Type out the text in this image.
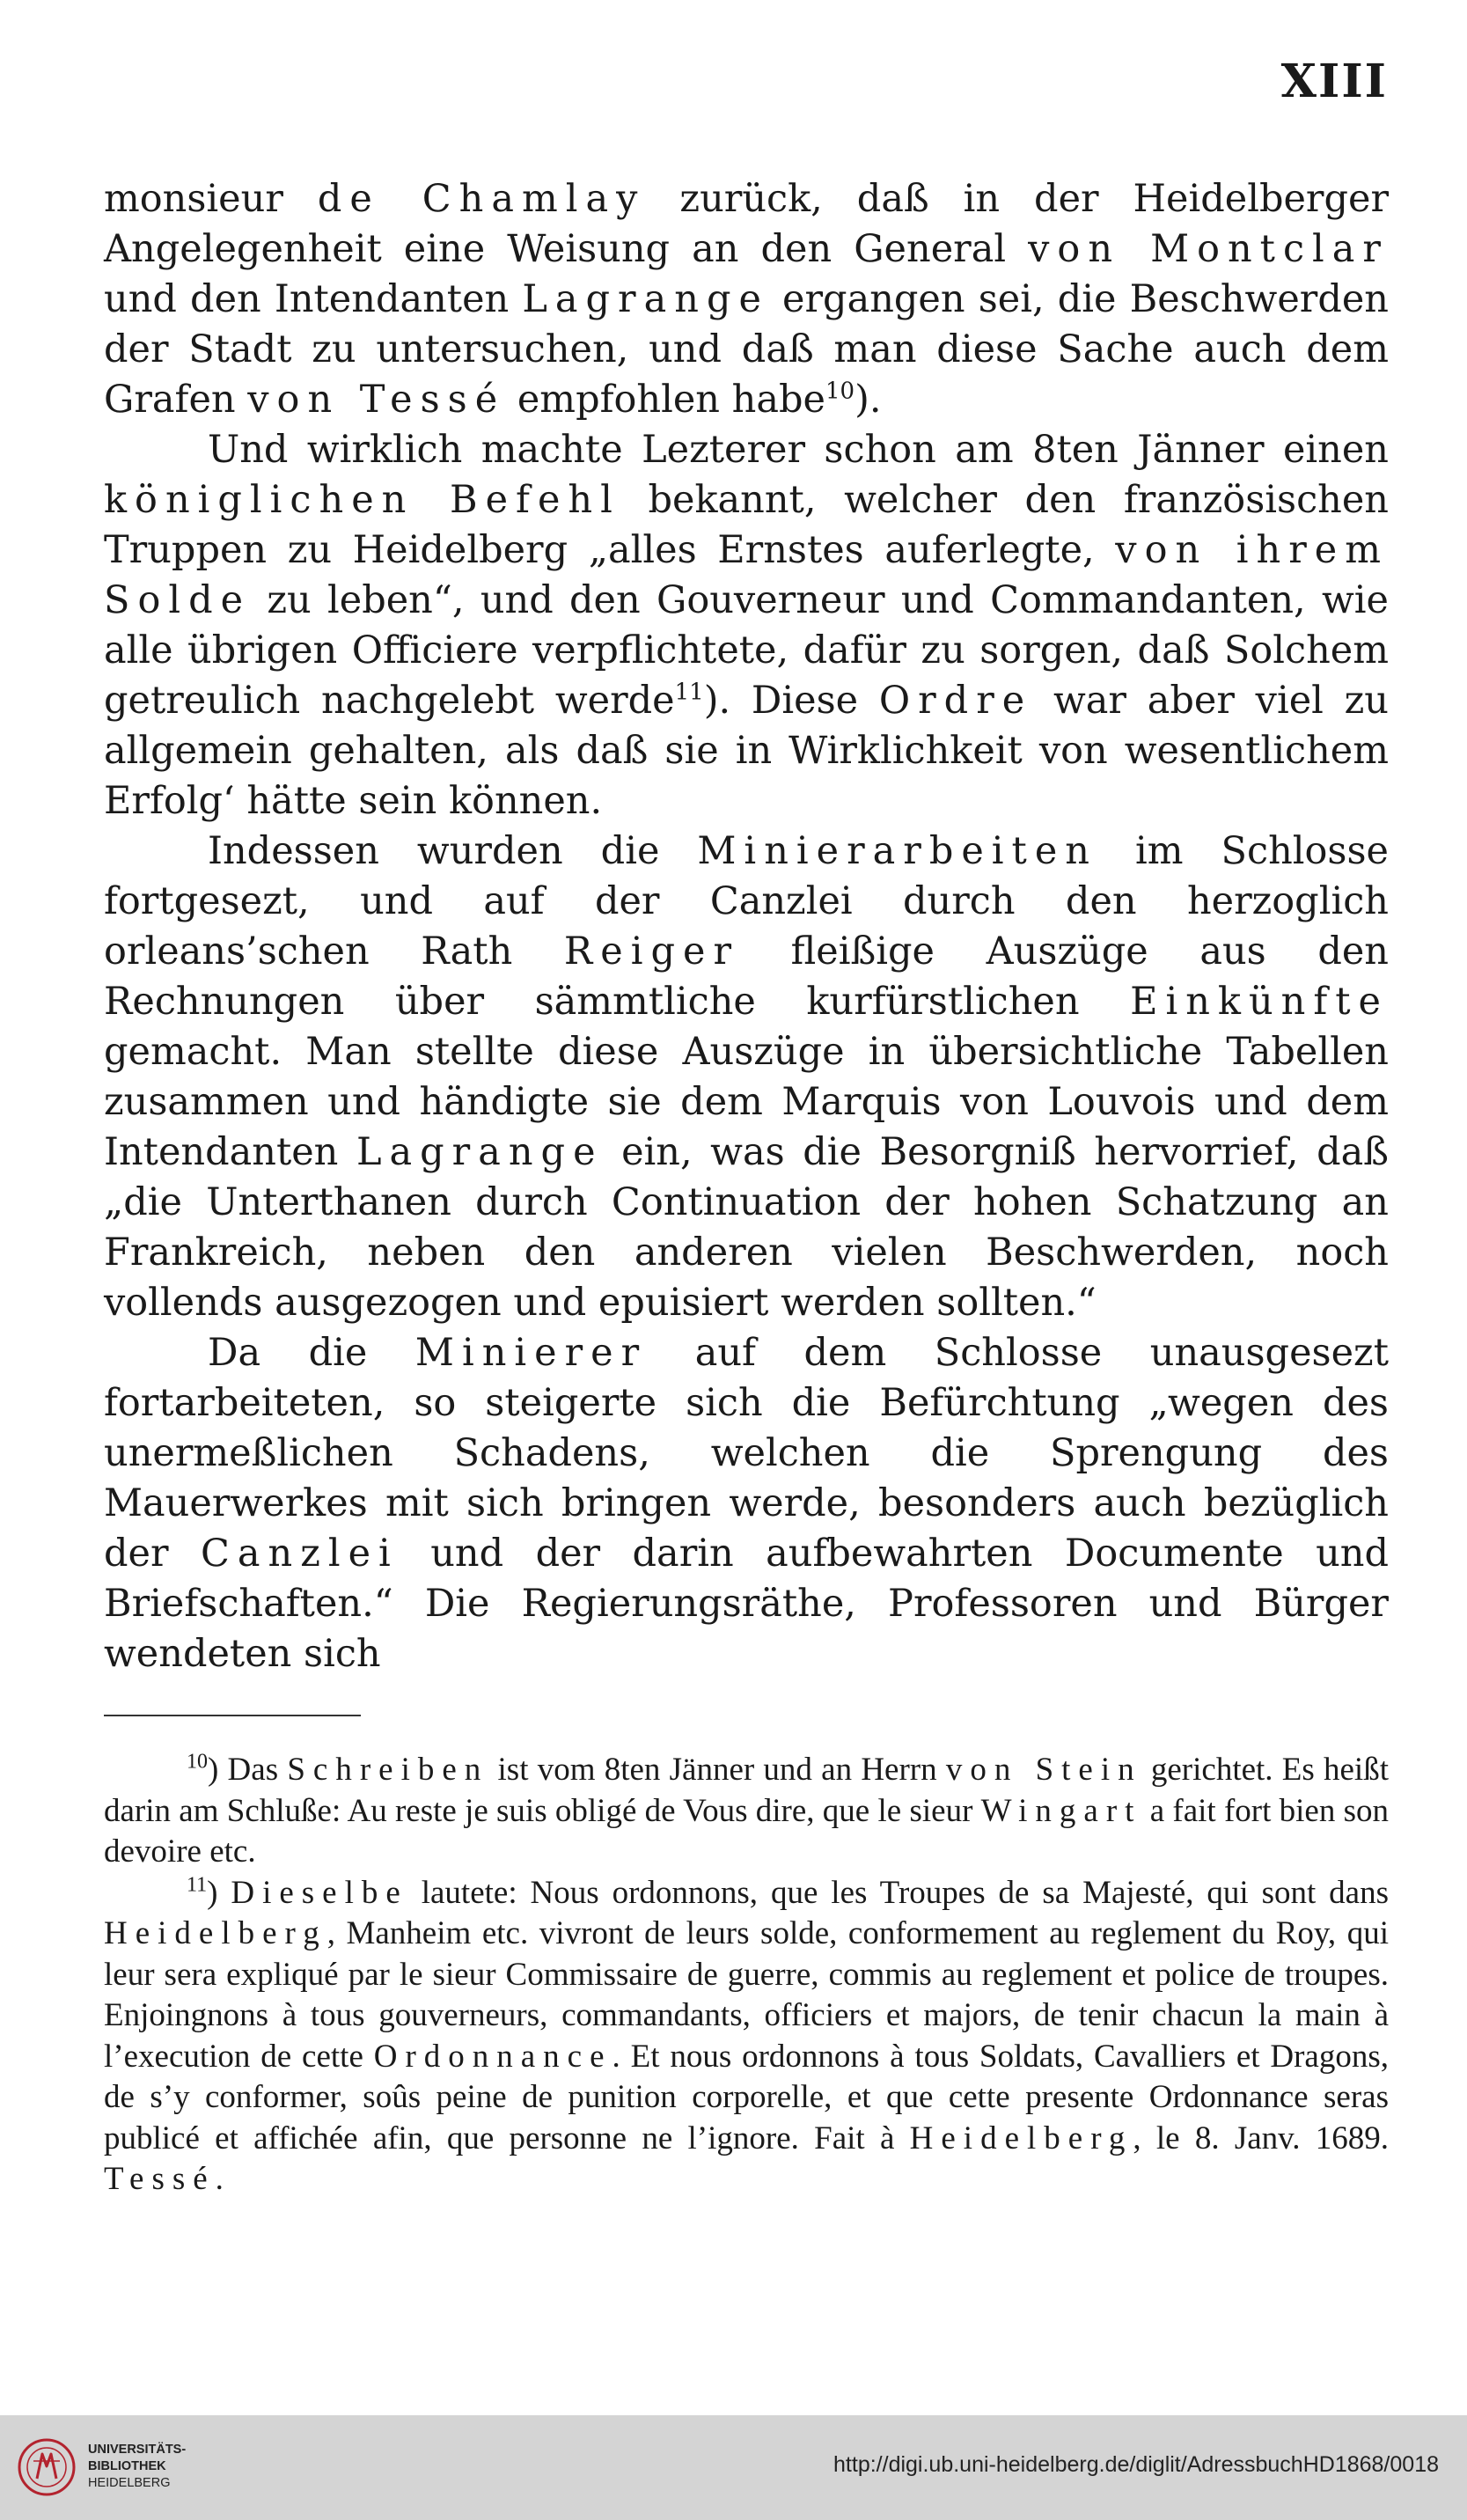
XIII

monsieur de Chamlay zurück, daß in der Heidelberger Angelegenheit eine Weisung an den General von Montclar und den Intendanten Lagrange ergangen sei, die Beschwerden der Stadt zu untersuchen, und daß man diese Sache auch dem Grafen von Tessé empfohlen habe$^{10}$).

Und wirklich machte Lezterer schon am 8ten Jänner einen königlichen Befehl bekannt, welcher den französischen Truppen zu Heidelberg „alles Ernstes auferlegte, von ihrem Solde zu leben“, und den Gouverneur und Commandanten, wie alle übrigen Officiere verpflichtete, dafür zu sorgen, daß Solchem getreulich nachgelebt werde$^{11}$). Diese Ordre war aber viel zu allgemein gehalten, als daß sie in Wirklichkeit von wesentlichem Erfolg‘ hätte sein können.

Indessen wurden die Minierarbeiten im Schlosse fortgesezt, und auf der Canzlei durch den herzoglich orleans’schen Rath Reiger fleißige Auszüge aus den Rechnungen über sämmtliche kurfürstlichen Einkünfte gemacht. Man stellte diese Auszüge in übersichtliche Tabellen zusammen und händigte sie dem Marquis von Louvois und dem Intendanten Lagrange ein, was die Besorgniß hervorrief, daß „die Unterthanen durch Continuation der hohen Schatzung an Frankreich, neben den anderen vielen Beschwerden, noch vollends ausgezogen und epuisiert werden sollten.“

Da die Minierer auf dem Schlosse unausgesezt fortarbeiteten, so steigerte sich die Befürchtung „wegen des unermeßlichen Schadens, welchen die Sprengung des Mauerwerkes mit sich bringen werde, besonders auch bezüglich der Canzlei und der darin aufbewahrten Documente und Briefschaften.“ Die Regierungsräthe, Professoren und Bürger wendeten sich

$^{10}$) Das Schreiben ist vom 8ten Jänner und an Herrn von Stein gerichtet. Es heißt darin am Schluße: Au reste je suis obligé de Vous dire, que le sieur Wingart a fait fort bien son devoire etc.

$^{11}$) Dieselbe lautete: Nous ordonnons, que les Troupes de sa Majesté, qui sont dans Heidelberg, Manheim etc. vivront de leurs solde, conformement au reglement du Roy, qui leur sera expliqué par le sieur Commissaire de guerre, commis au reglement et police de troupes. Enjoingnons à tous gouverneurs, commandants, officiers et majors, de tenir chacun la main à l’execution de cette Ordonnance. Et nous ordonnons à tous Soldats, Cavalliers et Dragons, de s’y conformer, soûs peine de punition corporelle, et que cette presente Ordonnance seras publicé et affichée afin, que personne ne l’ignore. Fait à Heidelberg, le 8. Janv. 1689. Tessé.

UNIVERSITÄTS-
BIBLIOTHEK
HEIDELBERG
http://digi.ub.uni-heidelberg.de/diglit/AdressbuchHD1868/0018
